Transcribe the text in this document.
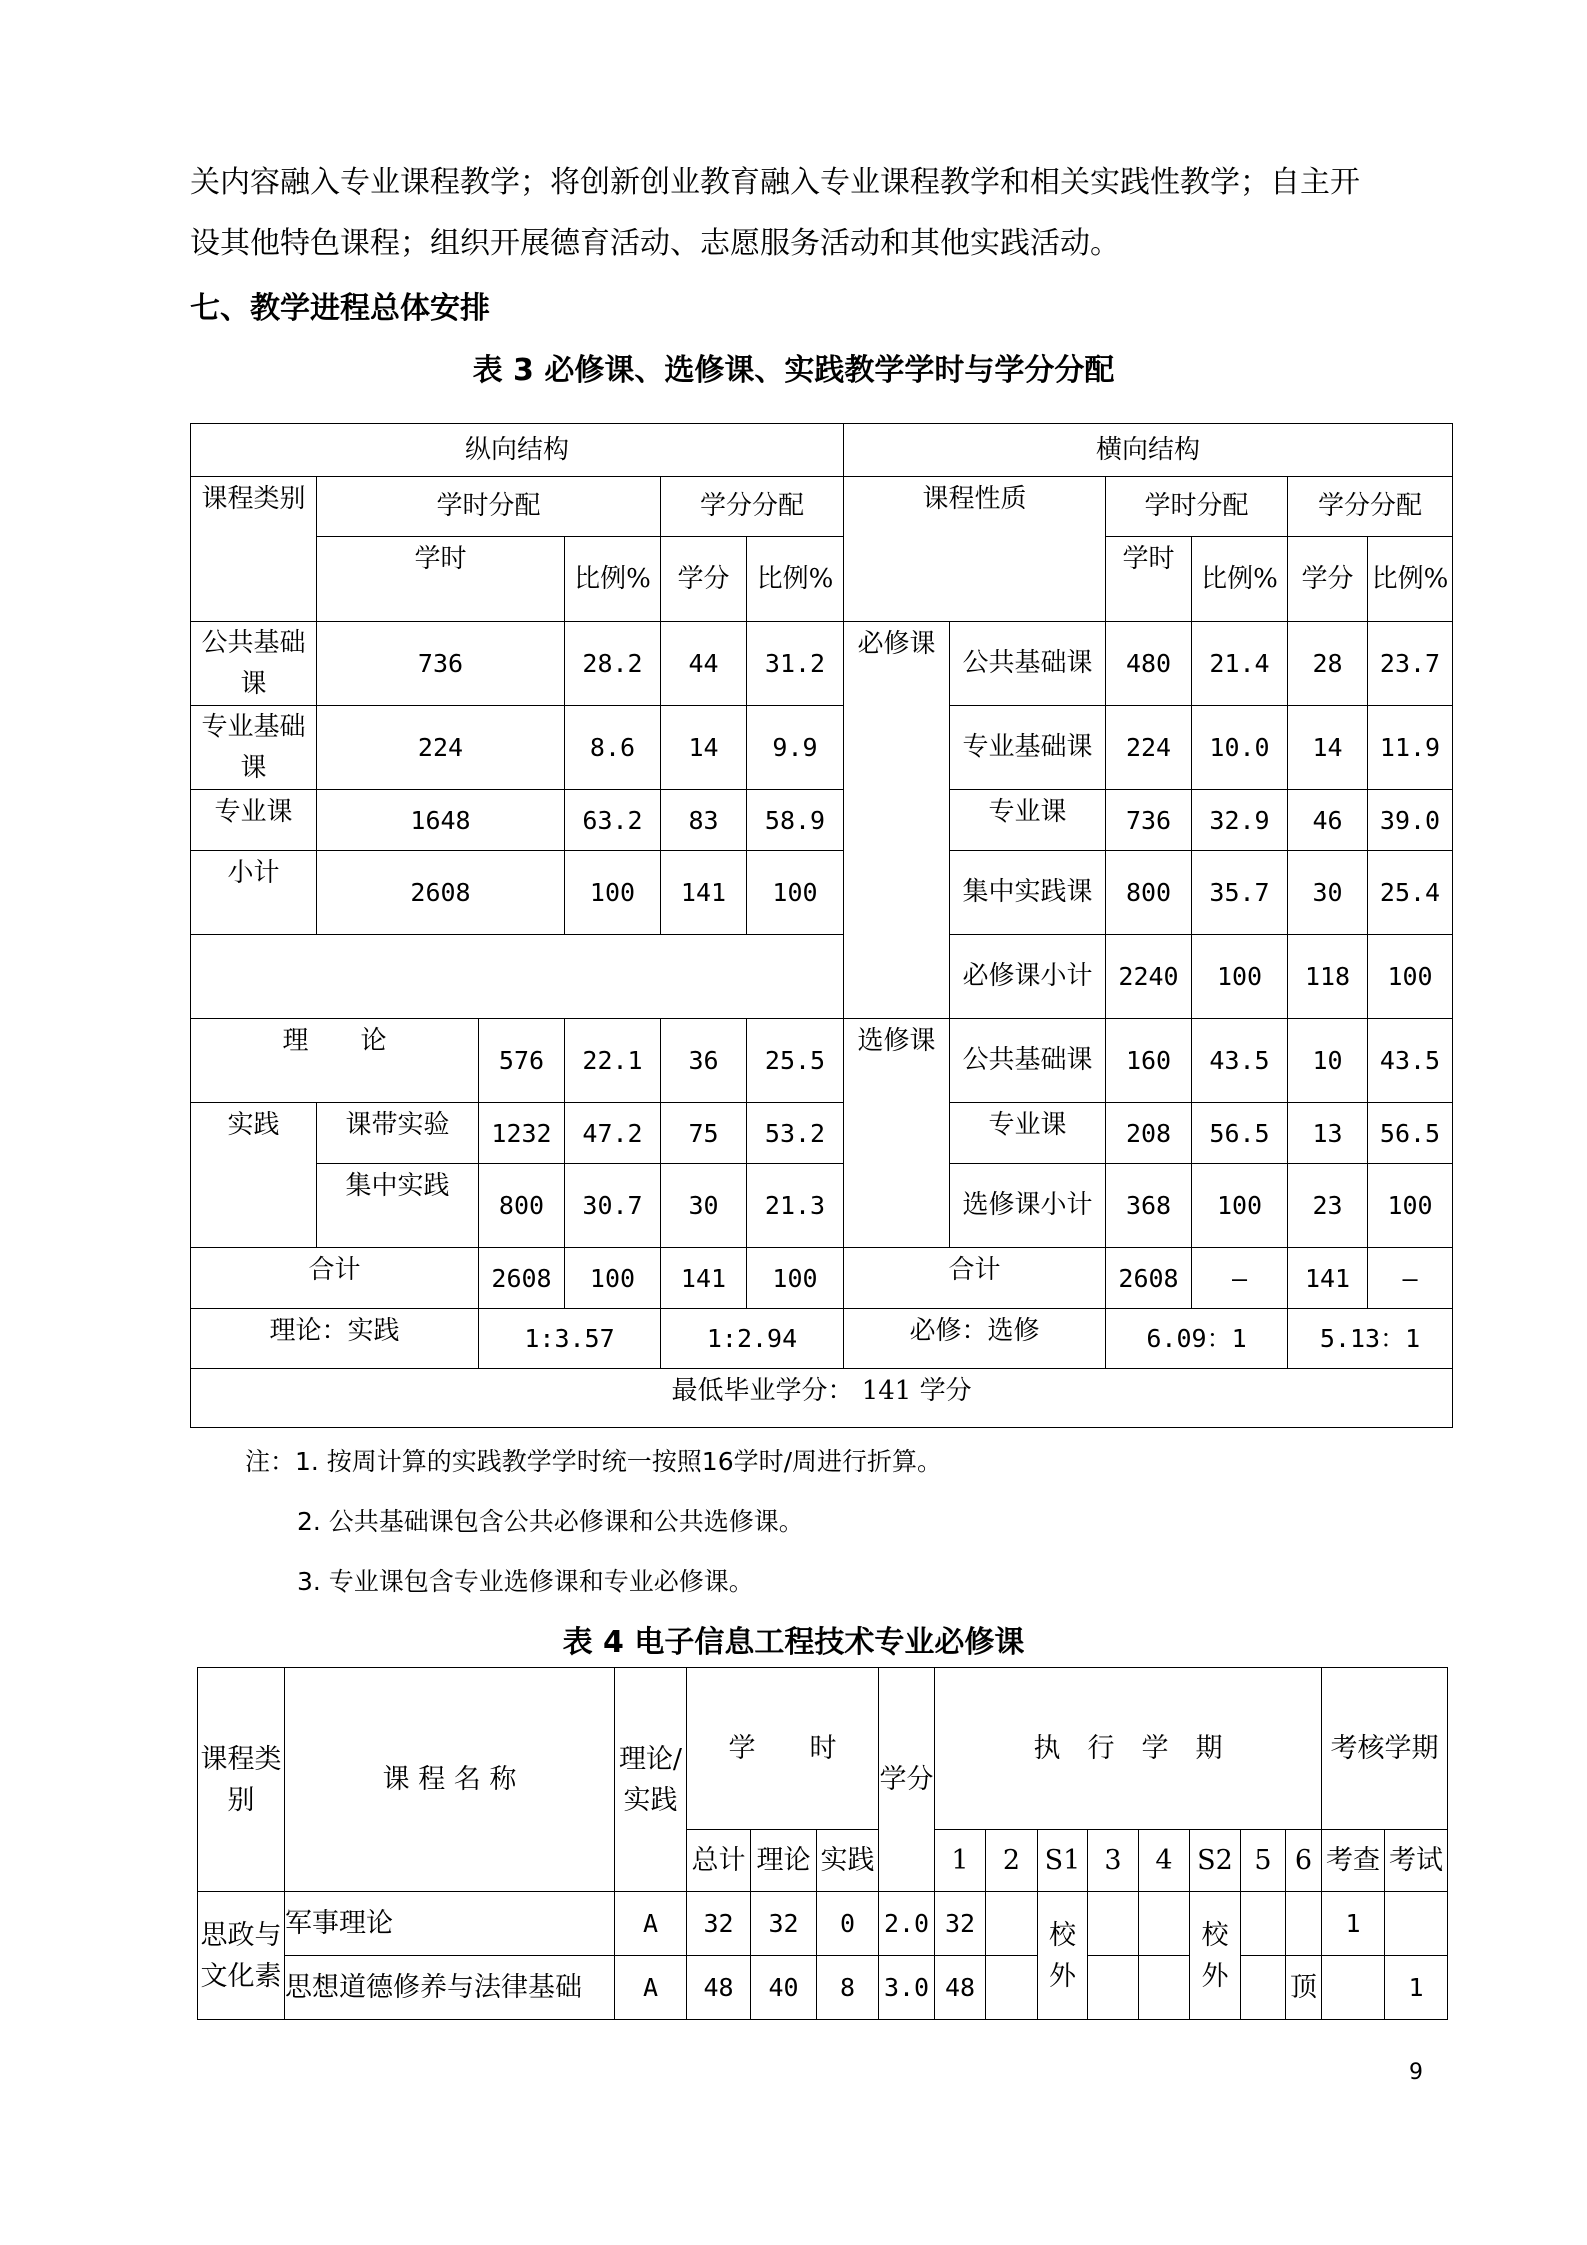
关内容融入专业课程教学；将创新创业教育融入专业课程教学和相关实践性教学；自主开

设其他特色课程；组织开展德育活动、志愿服务活动和其他实践活动。

七、教学进程总体安排
表 3 必修课、选修课、实践教学学时与学分分配
纵向结构						横向结构					
课程类别	学时分配			学分分配		课程性质		学时分配		学分分配	
	学时		比例%	学分	比例%			学时	比例%	学分	比例%
公共基础课	736		28.2	44	31.2	必修课	公共基础课	480	21.4	28	23.7
专业基础课	224		8.6	14	9.9		专业基础课	224	10.0	14	11.9
专业课	1648		63.2	83	58.9		专业课	736	32.9	46	39.0
小计	2608		100	141	100		集中实践课	800	35.7	30	25.4
							必修课小计	2240	100	118	100
理　　论		576	22.1	36	25.5	选修课	公共基础课	160	43.5	10	43.5
实践	课带实验	1232	47.2	75	53.2		专业课	208	56.5	13	56.5
	集中实践	800	30.7	30	21.3		选修课小计	368	100	23	100
合计		2608	100	141	100	合计		2608	–	141	–
理论：实践		1:3.57		1:2.94		必修：选修		6.09：1		5.13：1	
最低毕业学分： 141 学分											

注：1. 按周计算的实践教学学时统一按照16学时/周进行折算。

2. 公共基础课包含公共必修课和公共选修课。

3. 专业课包含专业选修课和专业必修课。

表 4 电子信息工程技术专业必修课
课程类别	课 程 名 称	理论/实践	学　　时			学分	执　行　学　期								考核学期	
			总计	理论	实践		1	2	S1	3	4	S2	5	6	考查	考试
思政与文化素	军事理论	A	32	32	0	2.0	32		校外			校外			1	
	思想道德修养与法律基础	A	48	40	8	3.0	48							顶		1
9
